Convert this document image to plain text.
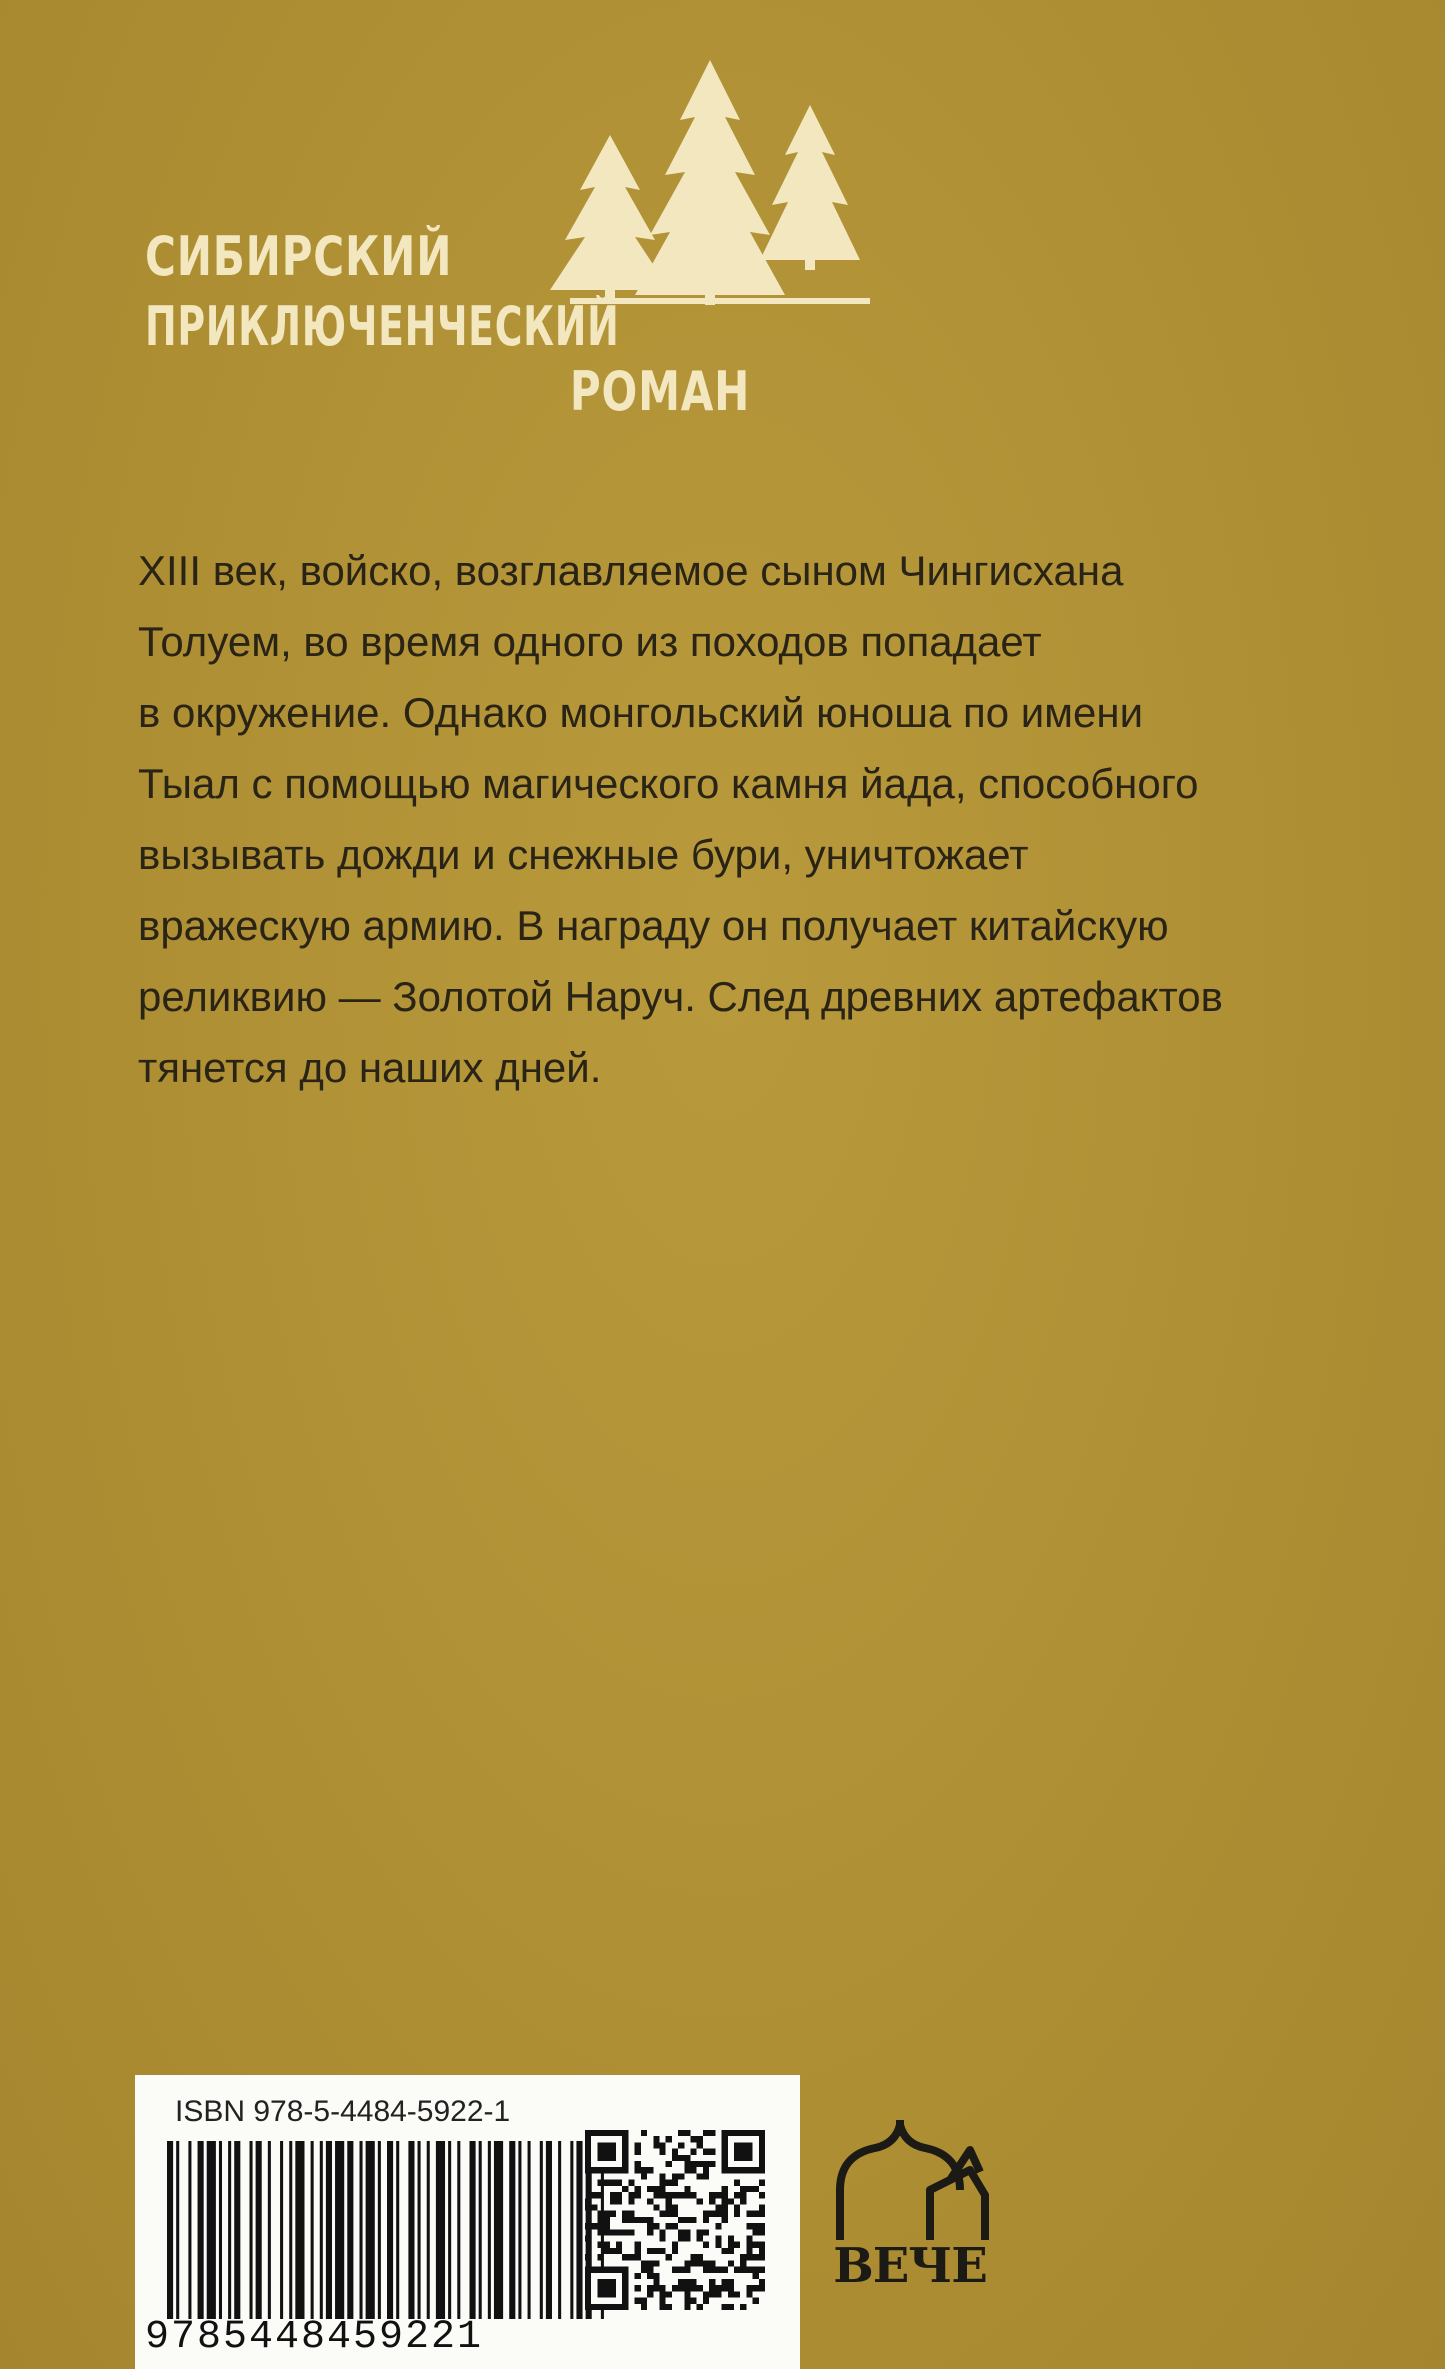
СИБИРСКИЙ

ПРИКЛЮЧЕНЧЕСКИЙ

РОМАН

XIII век, войско, возглавляемое сыном Чингисхана
Толуем, во время одного из походов попадает
в окружение. Однако монгольский юноша по имени
Тыал с помощью магического камня йада, способного
вызывать дожди и снежные бури, уничтожает
вражескую армию. В награду он получает китайскую
реликвию — Золотой Наруч. След древних артефактов
тянется до наших дней.

ISBN 978-5-4484-5922-1

9785448459221

ВЕЧЕ
